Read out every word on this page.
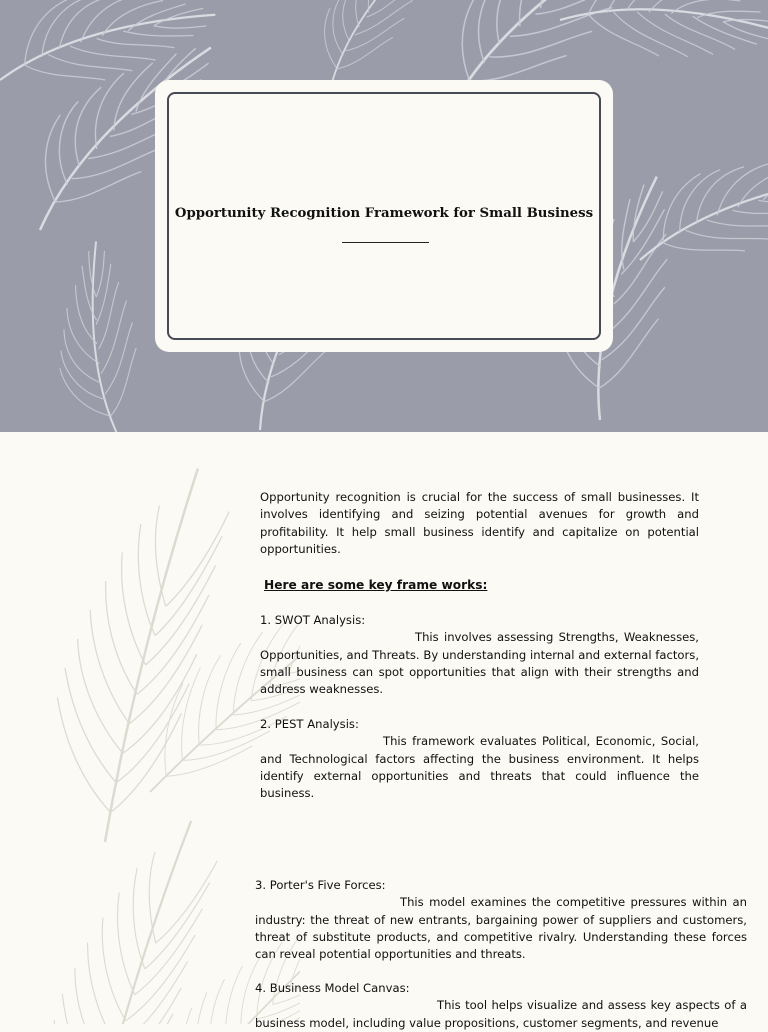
Opportunity Recognition Framework for Small Business

Opportunity recognition is crucial for the success of small businesses. It involves identifying and seizing potential avenues for growth and profitability. It help small business identify and capitalize on potential opportunities.

Here are some key frame works:

1. SWOT Analysis:

This involves assessing Strengths, Weaknesses, Opportunities, and Threats. By understanding internal and external factors, small business can spot opportunities that align with their strengths and address weaknesses.

2. PEST Analysis:

This framework evaluates Political, Economic, Social, and Technological factors affecting the business environment. It helps identify external opportunities and threats that could influence the business.

3. Porter's Five Forces:

This model examines the competitive pressures within an industry: the threat of new entrants, bargaining power of suppliers and customers, threat of substitute products, and competitive rivalry. Understanding these forces can reveal potential opportunities and threats.

4. Business Model Canvas:

This tool helps visualize and assess key aspects of a business model, including value propositions, customer segments, and revenue
